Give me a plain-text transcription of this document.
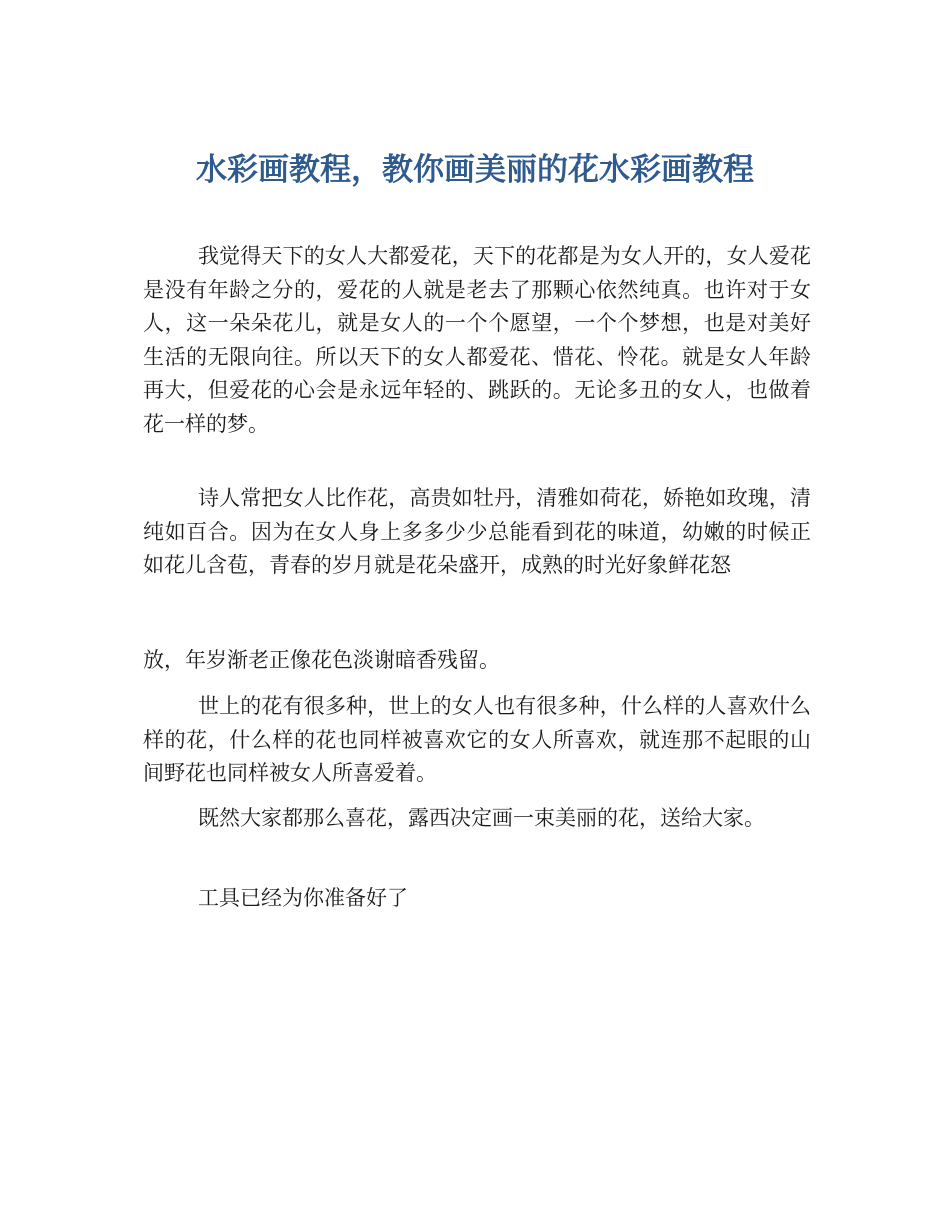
水彩画教程，教你画美丽的花水彩画教程

我觉得天下的女人大都爱花，天下的花都是为女人开的，女人爱花是没有年龄之分的，爱花的人就是老去了那颗心依然纯真。也许对于女人，这一朵朵花儿，就是女人的一个个愿望，一个个梦想，也是对美好生活的无限向往。所以天下的女人都爱花、惜花、怜花。就是女人年龄再大，但爱花的心会是永远年轻的、跳跃的。无论多丑的女人，也做着花一样的梦。

诗人常把女人比作花，高贵如牡丹，清雅如荷花，娇艳如玫瑰，清纯如百合。因为在女人身上多多少少总能看到花的味道，幼嫩的时候正如花儿含苞，青春的岁月就是花朵盛开，成熟的时光好象鲜花怒

放，年岁渐老正像花色淡谢暗香残留。

世上的花有很多种，世上的女人也有很多种，什么样的人喜欢什么样的花，什么样的花也同样被喜欢它的女人所喜欢，就连那不起眼的山间野花也同样被女人所喜爱着。

既然大家都那么喜花，露西决定画一束美丽的花，送给大家。

工具已经为你准备好了
